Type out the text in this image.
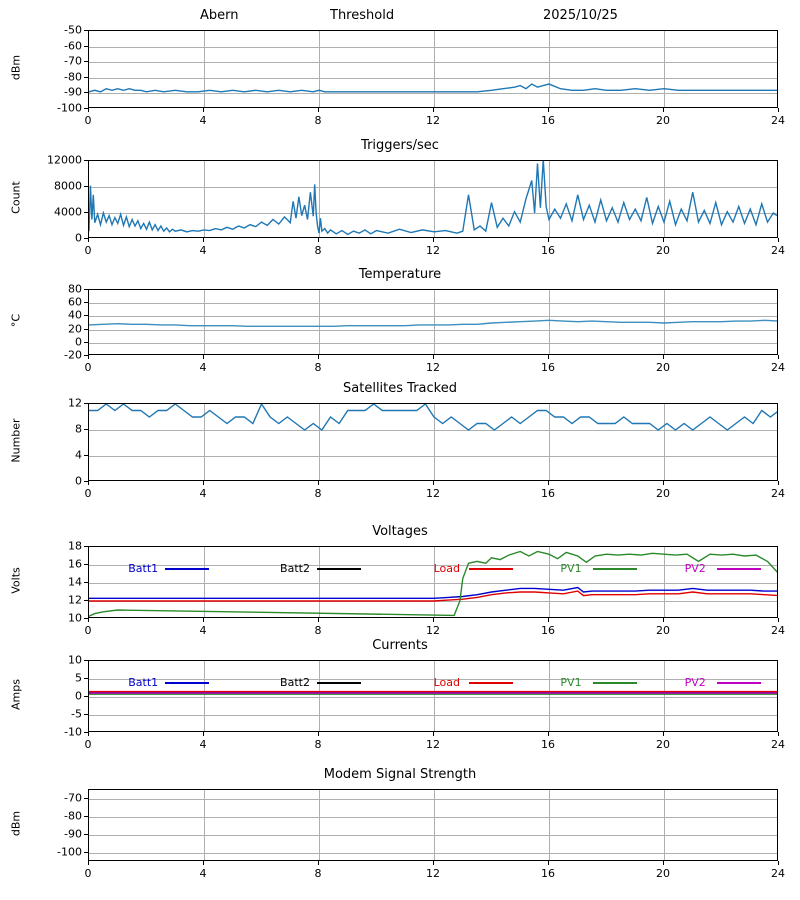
Abern	Threshold	2025/10/25
-100
-90
-80
-70
-60
-50
0	4	8	12	16	20	24
dBm
Triggers/sec
0
4000
8000
12000
0	4	8	12	16	20	24
Count
Temperature
-20
0
20
40
60
80
0	4	8	12	16	20	24
°C
Satellites Tracked
0
4
8
12
0	4	8	12	16	20	24
Number
Voltages
10
12
14
16
18
0	4	8	12	16	20	24
Volts	Batt1	Batt2	Load	PV1	PV2
Currents
-10
-5
0
5
10
0	4	8	12	16	20	24
Amps	Batt1	Batt2	Load	PV1	PV2
Modem Signal Strength
-100
-90
-80
-70
0	4	8	12	16	20	24
dBm
